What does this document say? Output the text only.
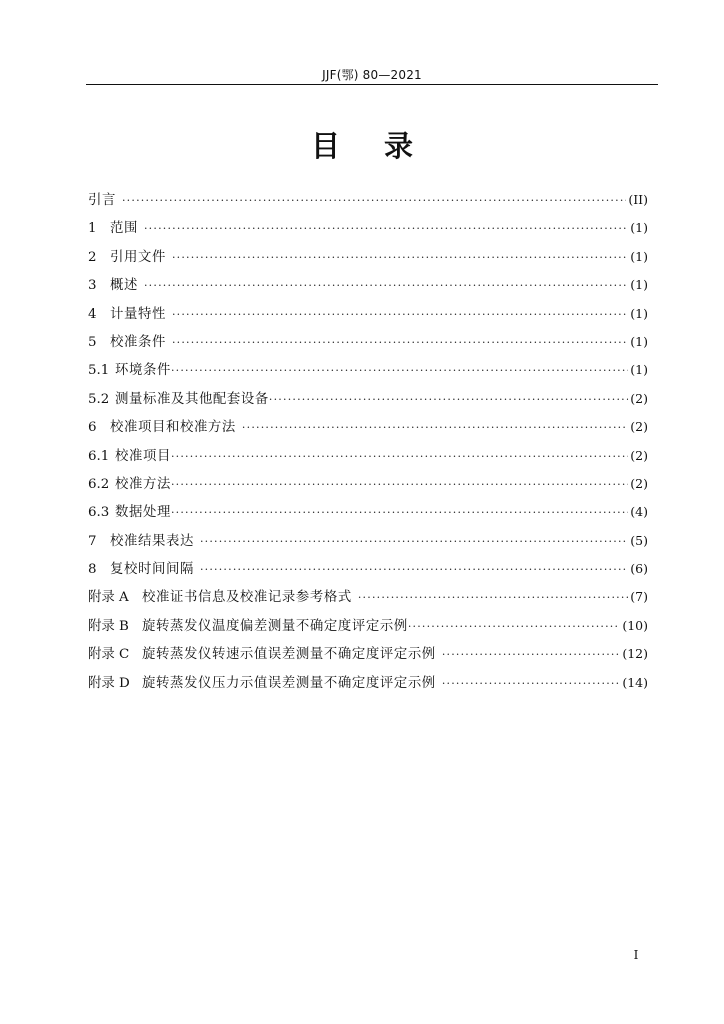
JJF(鄂) 80—2021
目录
引言 ·····	(II)
1	范围 ·····	(1)
2	引用文件 ·····	(1)
3	概述 ·····	(1)
4	计量特性 ·····	(1)
5	校准条件 ·····	(1)
5.1 环境条件 ·····	(1)
5.2 测量标准及其他配套设备 ·····	(2)
6	校准项目和校准方法 ·····	(2)
6.1 校准项目 ·····	(2)
6.2 校准方法 ·····	(2)
6.3 数据处理 ·····	(4)
7	校准结果表达 ·····	(5)
8	复校时间间隔 ·····	(6)
附录 A 校准证书信息及校准记录参考格式 ·····	(7)
附录 B 旋转蒸发仪温度偏差测量不确定度评定示例 ·····	(10)
附录 C 旋转蒸发仪转速示值误差测量不确定度评定示例 ·····	(12)
附录 D 旋转蒸发仪压力示值误差测量不确定度评定示例 ·····	(14)
I
